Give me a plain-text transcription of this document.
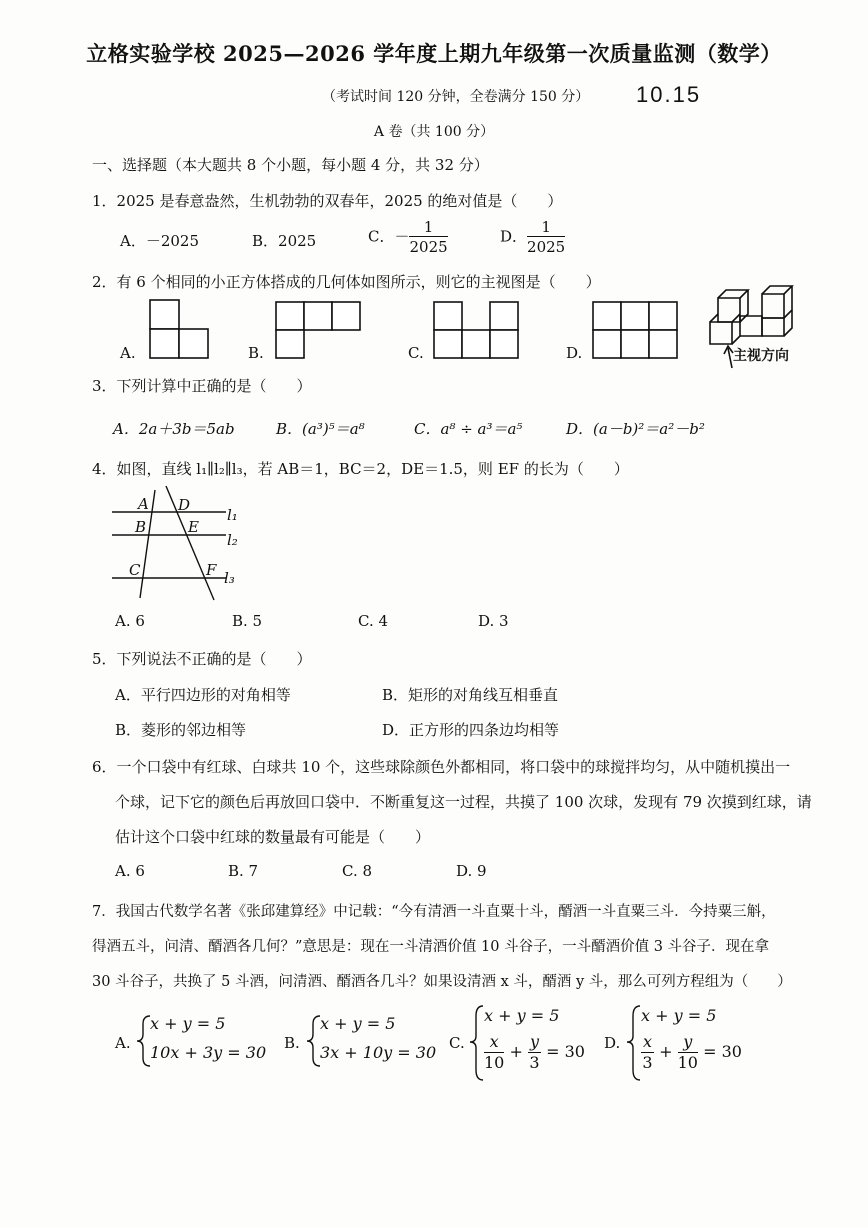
立格实验学校 2025—2026 学年度上期九年级第一次质量监测（数学）
（考试时间 120 分钟，全卷满分 150 分） 10.15
A 卷（共 100 分）
一、选择题（本大题共 8 个小题，每小题 4 分，共 32 分）
1．2025 是春意盎然，生机勃勃的双春年，2025 的绝对值是（　　）
A．－2025	B．2025	C．－ $\frac{1}{2025}$	D． $\frac{1}{2025}$
2．有 6 个相同的小正方体搭成的几何体如图所示，则它的主视图是（　　）
A.	B.	C.	D.	主视方向
3．下列计算中正确的是（　　）
A．2a＋3b＝5ab	B．(a³)⁵＝a⁸	C．a⁸ ÷ a³＝a⁵	D．(a－b)²＝a²－b²
4．如图，直线 l₁∥l₂∥l₃，若 AB＝1，BC＝2，DE＝1.5，则 EF 的长为（　　）
A D
B	E
C	F
l₁
l₂
l₃
A. 6	B. 5	C. 4	D. 3
5．下列说法不正确的是（　　）
A．平行四边形的对角相等	B．矩形的对角线互相垂直
B．菱形的邻边相等	D．正方形的四条边均相等
6．一个口袋中有红球、白球共 10 个，这些球除颜色外都相同，将口袋中的球搅拌均匀，从中随机摸出一
个球，记下它的颜色后再放回口袋中．不断重复这一过程，共摸了 100 次球，发现有 79 次摸到红球，请
估计这个口袋中红球的数量最有可能是（　　）
A. 6	B. 7	C. 8	D. 9
7．我国古代数学名著《张邱建算经》中记载：“今有清酒一斗直粟十斗，醑酒一斗直粟三斗．今持粟三斛，
得酒五斗，问清、醑酒各几何？”意思是：现在一斗清酒价值 10 斗谷子，一斗醑酒价值 3 斗谷子．现在拿
30 斗谷子，共换了 5 斗酒，问清酒、醑酒各几斗？如果设清酒 x 斗，醑酒 y 斗，那么可列方程组为（　　）
A.
x + y = 5
10x + 3y = 30 B.
x + y = 5
3x + 10y = 30 C.
x + y = 5
$\frac{x}{10} + \frac{y}{3} = 30$ D.
x + y = 5
$\frac{x}{3} + \frac{y}{10} = 30$
